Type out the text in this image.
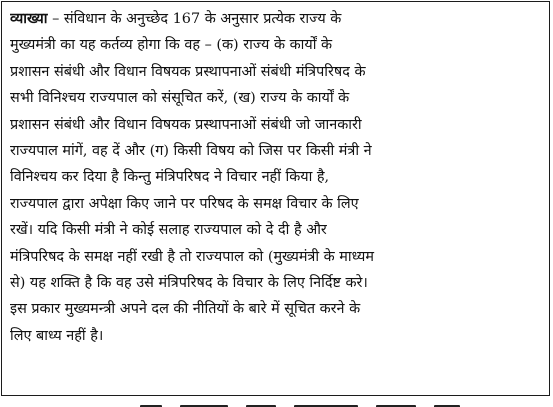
व्याख्या – संविधान के अनुच्छेद 167 के अनुसार प्रत्येक राज्य के
मुख्यमंत्री का यह कर्तव्य होगा कि वह – (क) राज्य के कार्यों के
प्रशासन संबंधी और विधान विषयक प्रस्थापनाओं संबंधी मंत्रिपरिषद के
सभी विनिश्चय राज्यपाल को संसूचित करें, (ख) राज्य के कार्यों के
प्रशासन संबंधी और विधान विषयक प्रस्थापनाओं संबंधी जो जानकारी
राज्यपाल मांगें, वह दें और (ग) किसी विषय को जिस पर किसी मंत्री ने
विनिश्चय कर दिया है किन्तु मंत्रिपरिषद ने विचार नहीं किया है,
राज्यपाल द्वारा अपेक्षा किए जाने पर परिषद के समक्ष विचार के लिए
रखें। यदि किसी मंत्री ने कोई सलाह राज्यपाल को दे दी है और
मंत्रिपरिषद के समक्ष नहीं रखी है तो राज्यपाल को (मुख्यमंत्री के माध्यम
से) यह शक्ति है कि वह उसे मंत्रिपरिषद के विचार के लिए निर्दिष्ट करे।
इस प्रकार मुख्यमन्त्री अपने दल की नीतियों के बारे में सूचित करने के
लिए बाध्य नहीं है।
